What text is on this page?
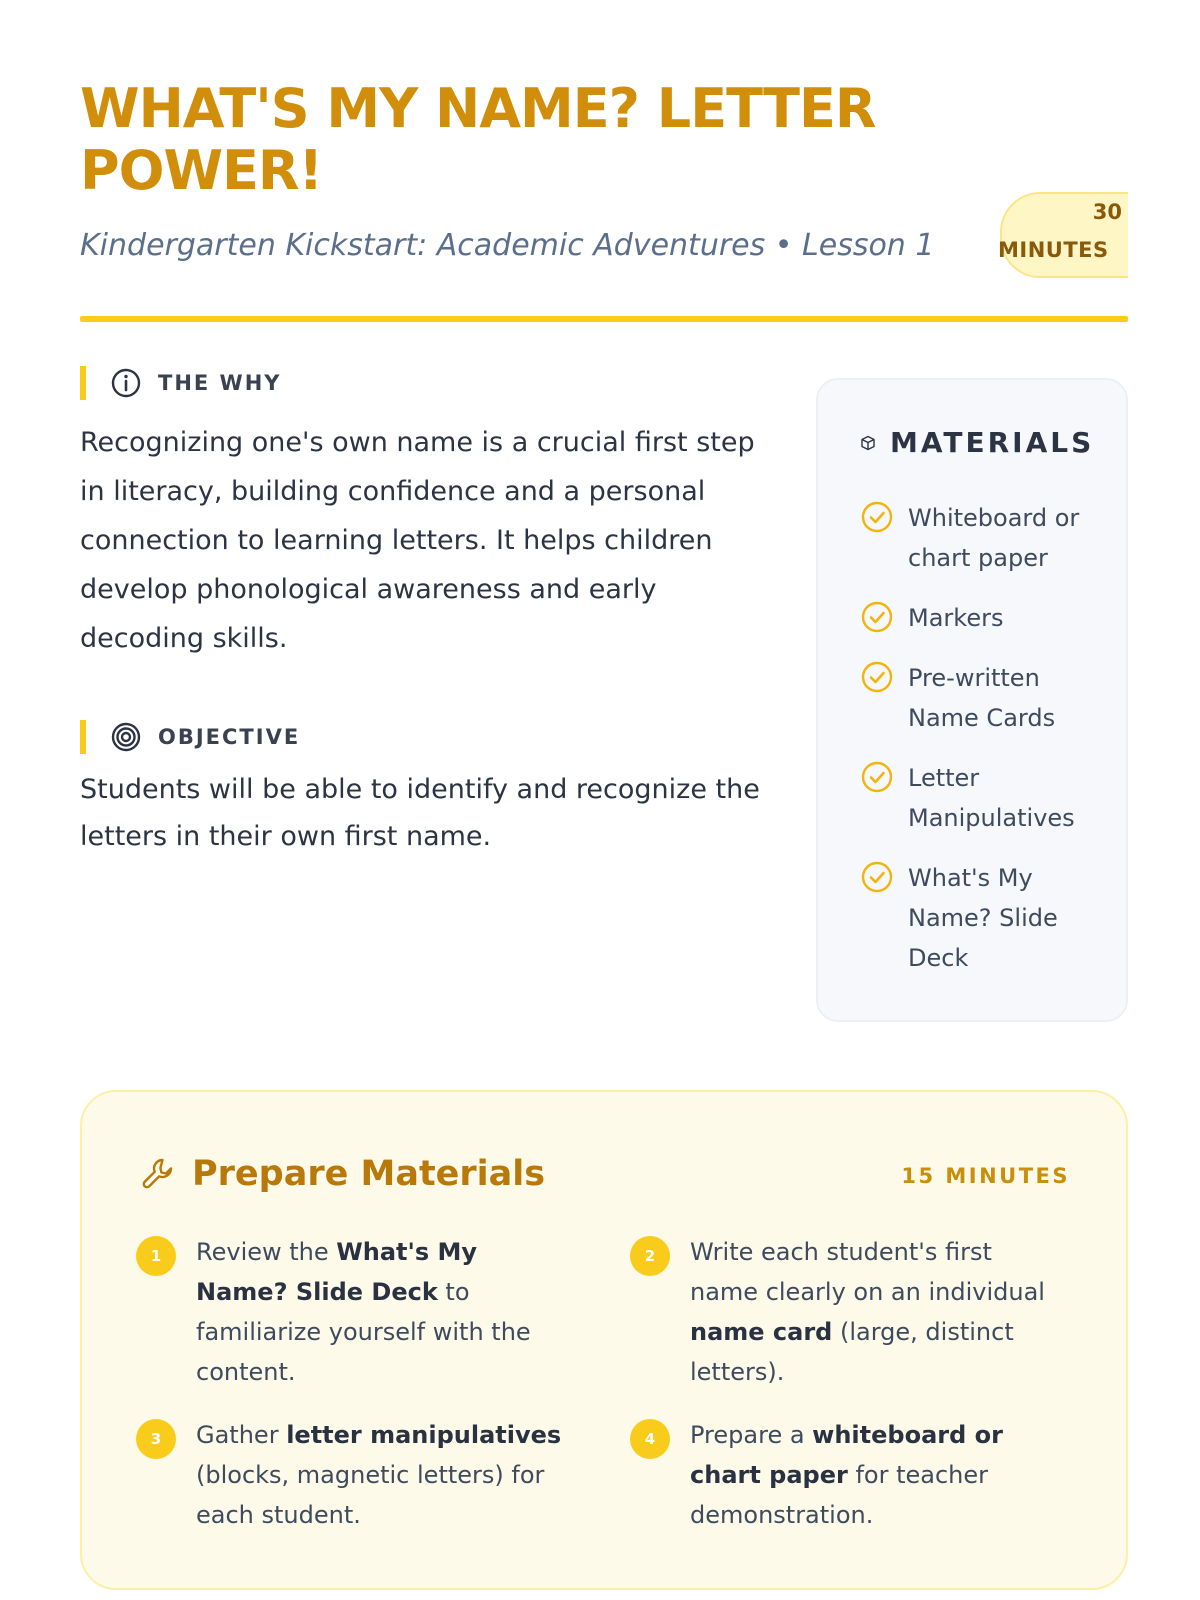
WHAT'S MY NAME? LETTER POWER!
Kindergarten Kickstart: Academic Adventures • Lesson 1
30
MINUTES
THE WHY

Recognizing one's own name is a crucial first step in literacy, building confidence and a personal connection to learning letters. It helps children develop phonological awareness and early decoding skills.

OBJECTIVE

Students will be able to identify and recognize the letters in their own first name.

MATERIALS
Whiteboard or chart paper
Markers
Pre-written Name Cards
Letter Manipulatives
What's My Name? Slide Deck
Prepare Materials	15 MINUTES
1	Review the What's My Name? Slide Deck to familiarize yourself with the content.
2	Write each student's first name clearly on an individual name card (large, distinct letters).
3	Gather letter manipulatives (blocks, magnetic letters) for each student.
4	Prepare a whiteboard or chart paper for teacher demonstration.
